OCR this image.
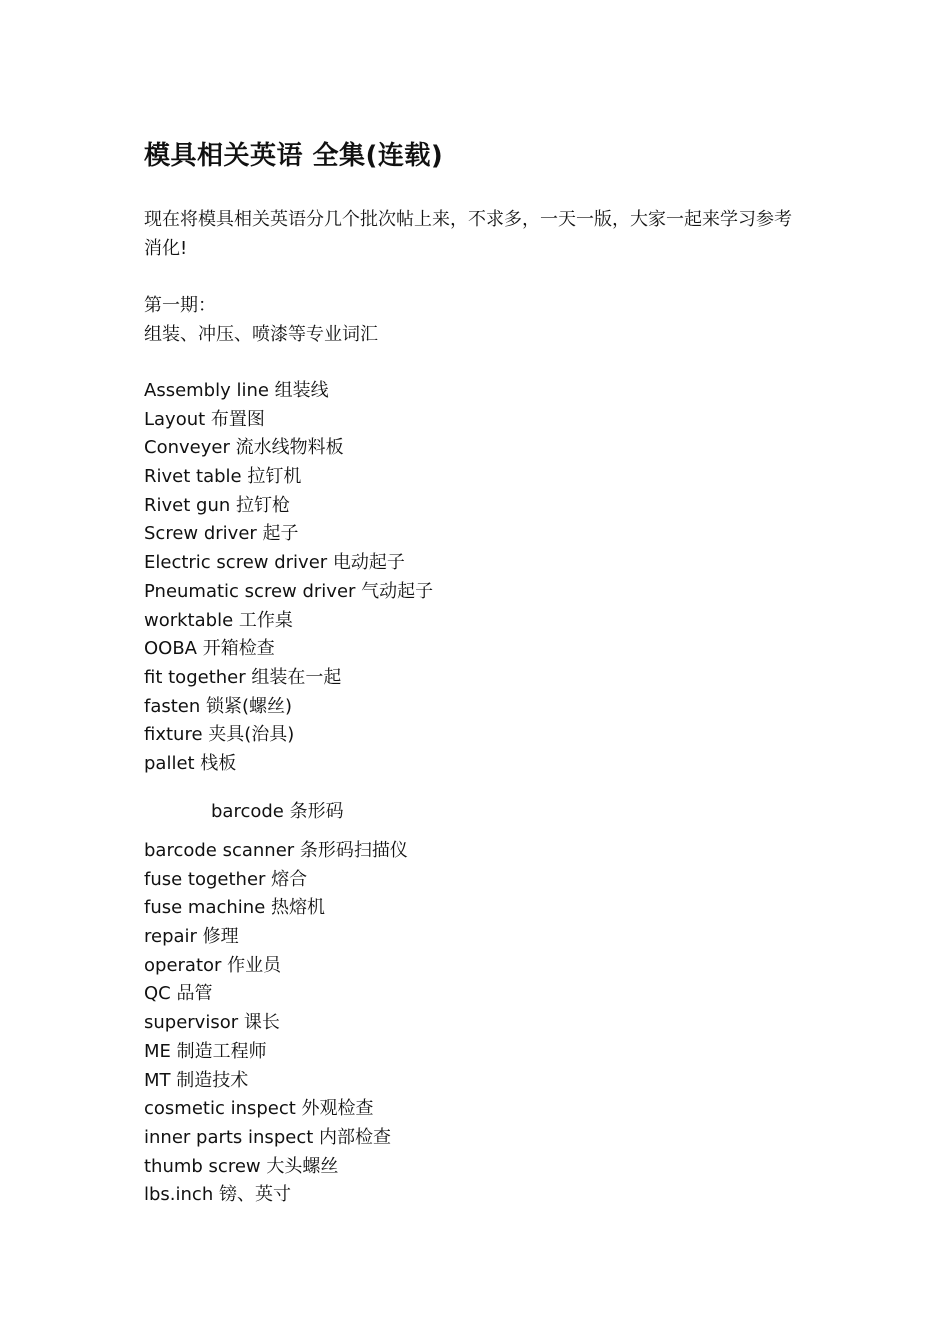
模具相关英语 全集(连载)

现在将模具相关英语分几个批次帖上来，不求多，一天一版，大家一起来学习参考消化!

第一期：
组装、冲压、喷漆等专业词汇
Assembly line 组装线
Layout 布置图
Conveyer 流水线物料板
Rivet table 拉钉机
Rivet gun 拉钉枪
Screw driver 起子
Electric screw driver 电动起子
Pneumatic screw driver 气动起子
worktable 工作桌
OOBA 开箱检查
fit together 组装在一起
fasten 锁紧(螺丝)
fixture 夹具(治具)
pallet 栈板
barcode 条形码
barcode scanner 条形码扫描仪
fuse together 熔合
fuse machine 热熔机
repair 修理
operator 作业员
QC 品管
supervisor 课长
ME 制造工程师
MT 制造技术
cosmetic inspect 外观检查
inner parts inspect 内部检查
thumb screw 大头螺丝
lbs.inch 镑、英寸
